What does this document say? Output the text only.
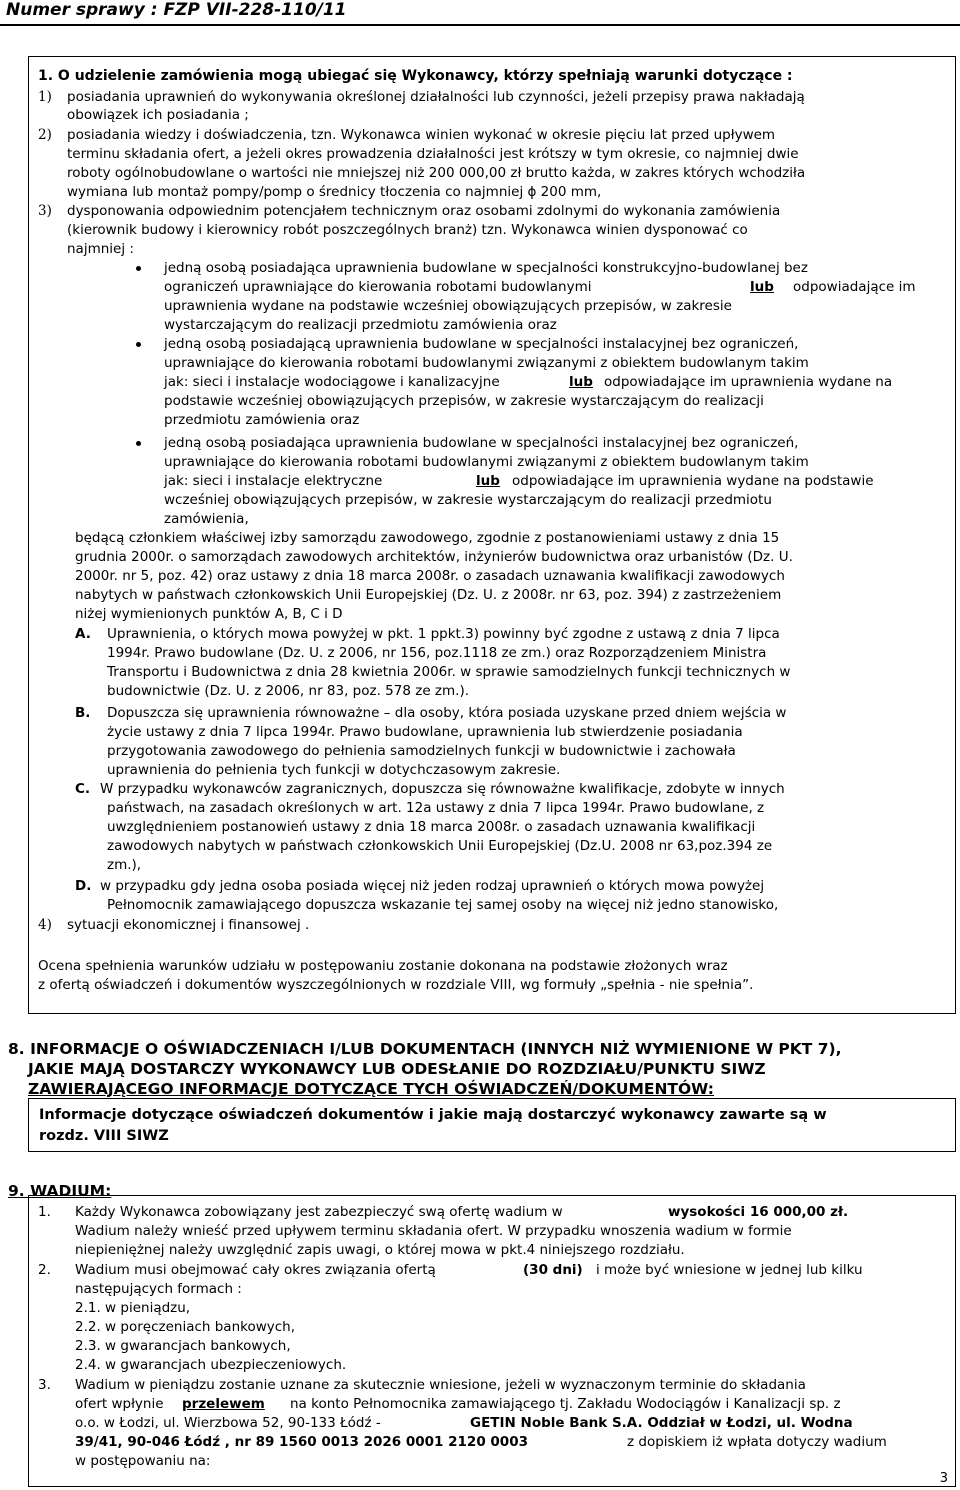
Numer sprawy : FZP VII-228-110/11
1. O udzielenie zamówienia mogą ubiegać się Wykonawcy, którzy spełniają warunki dotyczące :
1) posiadania uprawnień do wykonywania określonej działalności lub czynności, jeżeli przepisy prawa nakładają
obowiązek ich posiadania ;
2) posiadania wiedzy i doświadczenia, tzn. Wykonawca winien wykonać w okresie pięciu lat przed upływem
terminu składania ofert, a jeżeli okres prowadzenia działalności jest krótszy w tym okresie, co najmniej dwie
roboty ogólnobudowlane o wartości nie mniejszej niż 200 000,00 zł brutto każda, w zakres których wchodziła
wymiana lub montaż pompy/pomp o średnicy tłoczenia co najmniej ϕ 200 mm,
3) dysponowania odpowiednim potencjałem technicznym oraz osobami zdolnymi do wykonania zamówienia
(kierownik budowy i kierownicy robót poszczególnych branż) tzn. Wykonawca winien dysponować co
najmniej :
jedną osobą posiadająca uprawnienia budowlane w specjalności konstrukcyjno-budowlanej bez
ograniczeń uprawniające do kierowania robotami budowlanymi	lub odpowiadające im
uprawnienia wydane na podstawie wcześniej obowiązujących przepisów, w zakresie
wystarczającym do realizacji przedmiotu zamówienia oraz
jedną osobą posiadającą uprawnienia budowlane w specjalności instalacyjnej bez ograniczeń,
uprawniające do kierowania robotami budowlanymi związanymi z obiektem budowlanym takim
jak: sieci i instalacje wodociągowe i kanalizacyjne	lub odpowiadające im uprawnienia wydane na
podstawie wcześniej obowiązujących przepisów, w zakresie wystarczającym do realizacji
przedmiotu zamówienia oraz
jedną osobą posiadająca uprawnienia budowlane w specjalności instalacyjnej bez ograniczeń,
uprawniające do kierowania robotami budowlanymi związanymi z obiektem budowlanym takim
jak: sieci i instalacje elektryczne	lub odpowiadające im uprawnienia wydane na podstawie
wcześniej obowiązujących przepisów, w zakresie wystarczającym do realizacji przedmiotu
zamówienia,
będącą członkiem właściwej izby samorządu zawodowego, zgodnie z postanowieniami ustawy z dnia 15
grudnia 2000r. o samorządach zawodowych architektów, inżynierów budownictwa oraz urbanistów (Dz. U.
2000r. nr 5, poz. 42) oraz ustawy z dnia 18 marca 2008r. o zasadach uznawania kwalifikacji zawodowych
nabytych w państwach członkowskich Unii Europejskiej (Dz. U. z 2008r. nr 63, poz. 394) z zastrzeżeniem
niżej wymienionych punktów A, B, C i D
A. Uprawnienia, o których mowa powyżej w pkt. 1 ppkt.3) powinny być zgodne z ustawą z dnia 7 lipca
1994r. Prawo budowlane (Dz. U. z 2006, nr 156, poz.1118 ze zm.) oraz Rozporządzeniem Ministra
Transportu i Budownictwa z dnia 28 kwietnia 2006r. w sprawie samodzielnych funkcji technicznych w
budownictwie (Dz. U. z 2006, nr 83, poz. 578 ze zm.).
B. Dopuszcza się uprawnienia równoważne – dla osoby, która posiada uzyskane przed dniem wejścia w
życie ustawy z dnia 7 lipca 1994r. Prawo budowlane, uprawnienia lub stwierdzenie posiadania
przygotowania zawodowego do pełnienia samodzielnych funkcji w budownictwie i zachowała
uprawnienia do pełnienia tych funkcji w dotychczasowym zakresie.
C. W przypadku wykonawców zagranicznych, dopuszcza się równoważne kwalifikacje, zdobyte w innych
państwach, na zasadach określonych w art. 12a ustawy z dnia 7 lipca 1994r. Prawo budowlane, z
uwzględnieniem postanowień ustawy z dnia 18 marca 2008r. o zasadach uznawania kwalifikacji
zawodowych nabytych w państwach członkowskich Unii Europejskiej (Dz.U. 2008 nr 63,poz.394 ze
zm.),
D. w przypadku gdy jedna osoba posiada więcej niż jeden rodzaj uprawnień o których mowa powyżej
Pełnomocnik zamawiającego dopuszcza wskazanie tej samej osoby na więcej niż jedno stanowisko,
4) sytuacji ekonomicznej i finansowej .
Ocena spełnienia warunków udziału w postępowaniu zostanie dokonana na podstawie złożonych wraz
z ofertą oświadczeń i dokumentów wyszczególnionych w rozdziale VIII, wg formuły „spełnia - nie spełnia”.
8. INFORMACJE O OŚWIADCZENIACH I/LUB DOKUMENTACH (INNYCH NIŻ WYMIENIONE W PKT 7),
JAKIE MAJĄ DOSTARCZY WYKONAWCY LUB ODESŁANIE DO ROZDZIAŁU/PUNKTU SIWZ
ZAWIERAJĄCEGO INFORMACJE DOTYCZĄCE TYCH OŚWIADCZEŃ/DOKUMENTÓW:
Informacje dotyczące oświadczeń dokumentów i jakie mają dostarczyć wykonawcy zawarte są w
rozdz. VIII SIWZ
9. WADIUM:
1. Każdy Wykonawca zobowiązany jest zabezpieczyć swą ofertę wadium w	wysokości 16 000,00 zł.
Wadium należy wnieść przed upływem terminu składania ofert. W przypadku wnoszenia wadium w formie
niepieniężnej należy uwzględnić zapis uwagi, o której mowa w pkt.4 niniejszego rozdziału.
2. Wadium musi obejmować cały okres związania ofertą	(30 dni) i może być wniesione w jednej lub kilku
następujących formach :
2.1. w pieniądzu,
2.2. w poręczeniach bankowych,
2.3. w gwarancjach bankowych,
2.4. w gwarancjach ubezpieczeniowych.
3. Wadium w pieniądzu zostanie uznane za skutecznie wniesione, jeżeli w wyznaczonym terminie do składania
ofert wpłynie przelewem na konto Pełnomocnika zamawiającego tj. Zakładu Wodociągów i Kanalizacji sp. z
o.o. w Łodzi, ul. Wierzbowa 52, 90-133 Łódź -	GETIN Noble Bank S.A. Oddział w Łodzi, ul. Wodna
39/41, 90-046 Łódź , nr 89 1560 0013 2026 0001 2120 0003	z dopiskiem iż wpłata dotyczy wadium
w postępowaniu na:
3
